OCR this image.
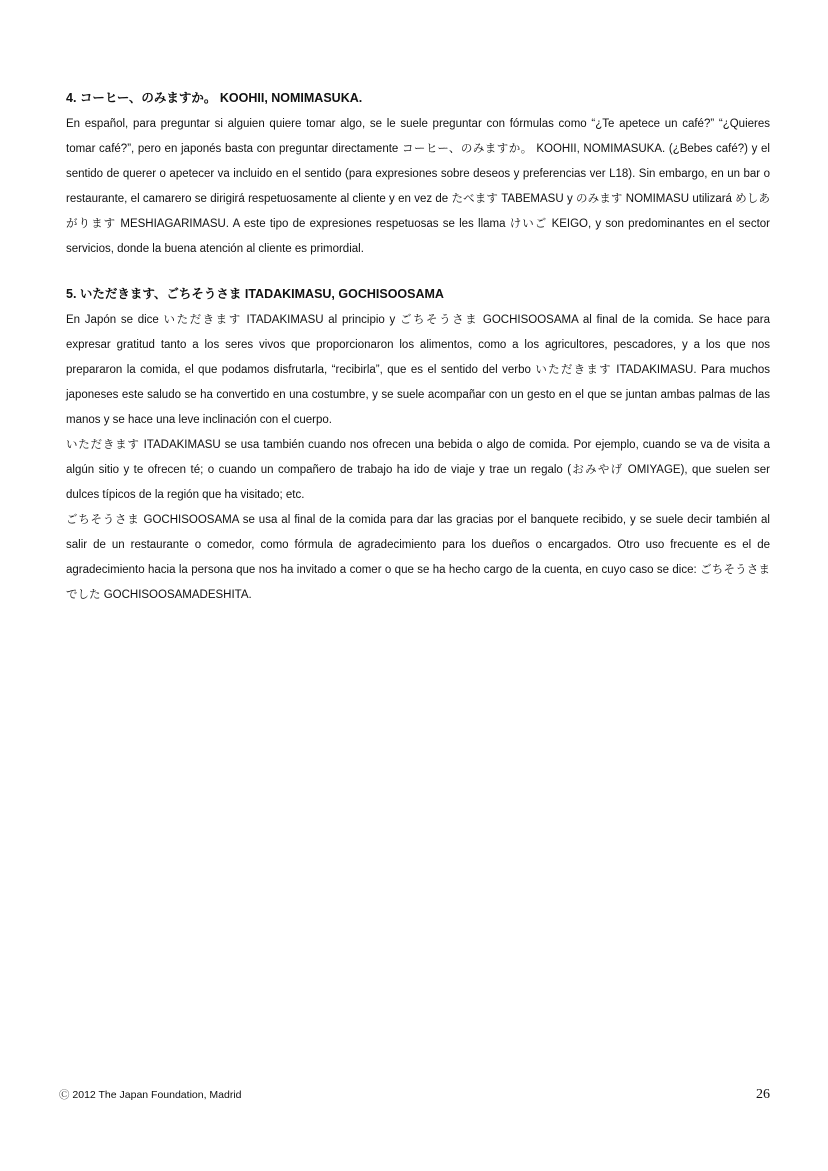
4. コーヒー、のみますか。 KOOHII, NOMIMASUKA.

En español, para preguntar si alguien quiere tomar algo, se le suele preguntar con fórmulas como “¿Te apetece un café?” “¿Quieres tomar café?”, pero en japonés basta con preguntar directamente コーヒー、のみますか。 KOOHII, NOMIMASUKA. (¿Bebes café?) y el sentido de querer o apetecer va incluido en el sentido (para expresiones sobre deseos y preferencias ver L18). Sin embargo, en un bar o restaurante, el camarero se dirigirá respetuosamente al cliente y en vez de たべます TABEMASU y のみます NOMIMASU utilizará めしあがります MESHIAGARIMASU. A este tipo de expresiones respetuosas se les llama けいご KEIGO, y son predominantes en el sector servicios, donde la buena atención al cliente es primordial.

5. いただきます、ごちそうさま ITADAKIMASU, GOCHISOOSAMA

En Japón se dice いただきます ITADAKIMASU al principio y ごちそうさま GOCHISOOSAMA al final de la comida. Se hace para expresar gratitud tanto a los seres vivos que proporcionaron los alimentos, como a los agricultores, pescadores, y a los que nos prepararon la comida, el que podamos disfrutarla, “recibirla”, que es el sentido del verbo いただきます ITADAKIMASU. Para muchos japoneses este saludo se ha convertido en una costumbre, y se suele acompañar con un gesto en el que se juntan ambas palmas de las manos y se hace una leve inclinación con el cuerpo.

いただきます ITADAKIMASU se usa también cuando nos ofrecen una bebida o algo de comida. Por ejemplo, cuando se va de visita a algún sitio y te ofrecen té; o cuando un compañero de trabajo ha ido de viaje y trae un regalo (おみやげ OMIYAGE), que suelen ser dulces típicos de la región que ha visitado; etc.

ごちそうさま GOCHISOOSAMA se usa al final de la comida para dar las gracias por el banquete recibido, y se suele decir también al salir de un restaurante o comedor, como fórmula de agradecimiento para los dueños o encargados. Otro uso frecuente es el de agradecimiento hacia la persona que nos ha invitado a comer o que se ha hecho cargo de la cuenta, en cuyo caso se dice: ごちそうさまでした GOCHISOOSAMADESHITA.

Ⓒ 2012 The Japan Foundation, Madrid	26
